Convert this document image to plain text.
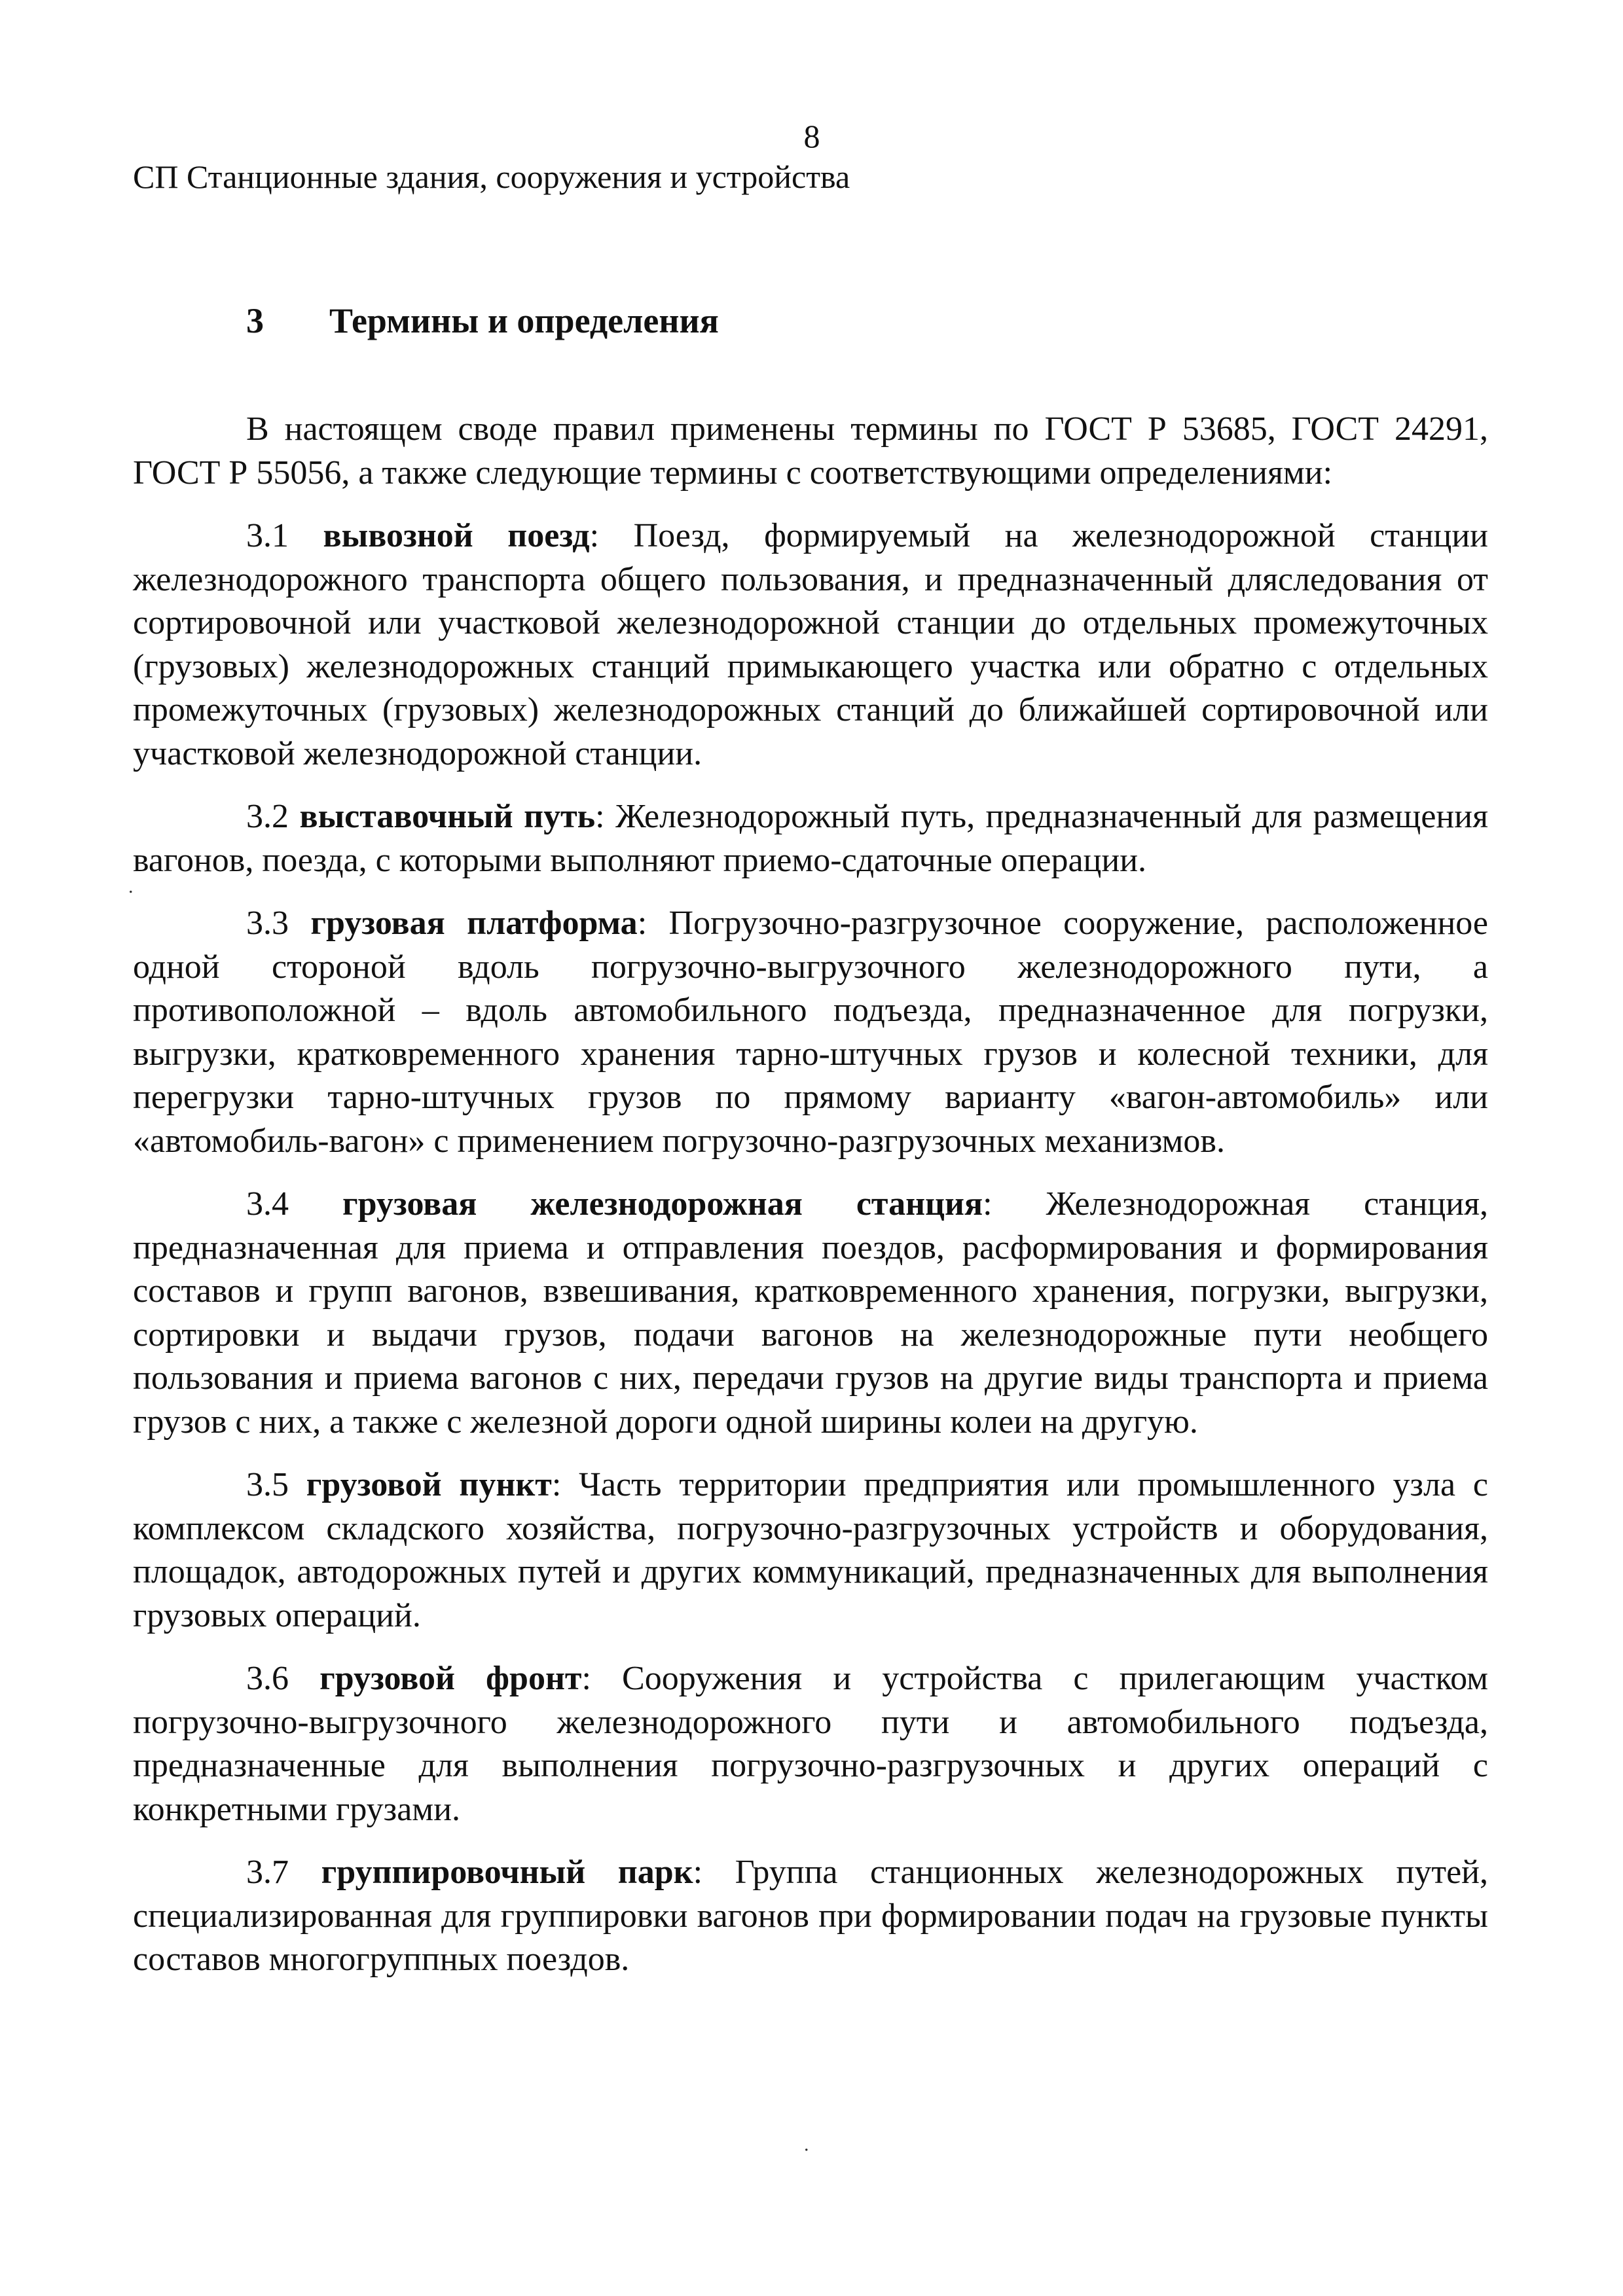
8
СП Станционные здания, сооружения и устройства
3 Термины и определения

В настоящем своде правил применены термины по ГОСТ Р 53685, ГОСТ 24291, ГОСТ Р 55056, а также следующие термины с соответствующими определениями:

3.1 вывозной поезд: Поезд, формируемый на железнодорожной станции железнодорожного транспорта общего пользования, и предназначенный дляследования от сортировочной или участковой железнодорожной станции до отдельных промежуточных (грузовых) железнодорожных станций примыкающего участка или обратно с отдельных промежуточных (грузовых) железнодорожных станций до ближайшей сортировочной или участковой железнодорожной станции.

3.2 выставочный путь: Железнодорожный путь, предназначенный для размещения вагонов, поезда, с которыми выполняют приемо-сдаточные операции.

3.3 грузовая платформа: Погрузочно-разгрузочное сооружение, расположенное одной стороной вдоль погрузочно-выгрузочного железнодорожного пути, а противоположной – вдоль автомобильного подъезда, предназначенное для погрузки, выгрузки, кратковременного хранения тарно-штучных грузов и колесной техники, для перегрузки тарно-штучных грузов по прямому варианту «вагон-автомобиль» или «автомобиль-вагон» с применением погрузочно-разгрузочных механизмов.

3.4 грузовая железнодорожная станция: Железнодорожная станция, предназначенная для приема и отправления поездов, расформирования и формирования составов и групп вагонов, взвешивания, кратковременного хранения, погрузки, выгрузки, сортировки и выдачи грузов, подачи вагонов на железнодорожные пути необщего пользования и приема вагонов с них, передачи грузов на другие виды транспорта и приема грузов с них, а также с железной дороги одной ширины колеи на другую.

3.5 грузовой пункт: Часть территории предприятия или промышленного узла с комплексом складского хозяйства, погрузочно-разгрузочных устройств и оборудования, площадок, автодорожных путей и других коммуникаций, предназначенных для выполнения грузовых операций.

3.6 грузовой фронт: Сооружения и устройства с прилегающим участком погрузочно-выгрузочного железнодорожного пути и автомобильного подъезда, предназначенные для выполнения погрузочно-разгрузочных и других операций с конкретными грузами.

3.7 группировочный парк: Группа станционных железнодорожных путей, специализированная для группировки вагонов при формировании подач на грузовые пункты составов многогруппных поездов.

.
.
